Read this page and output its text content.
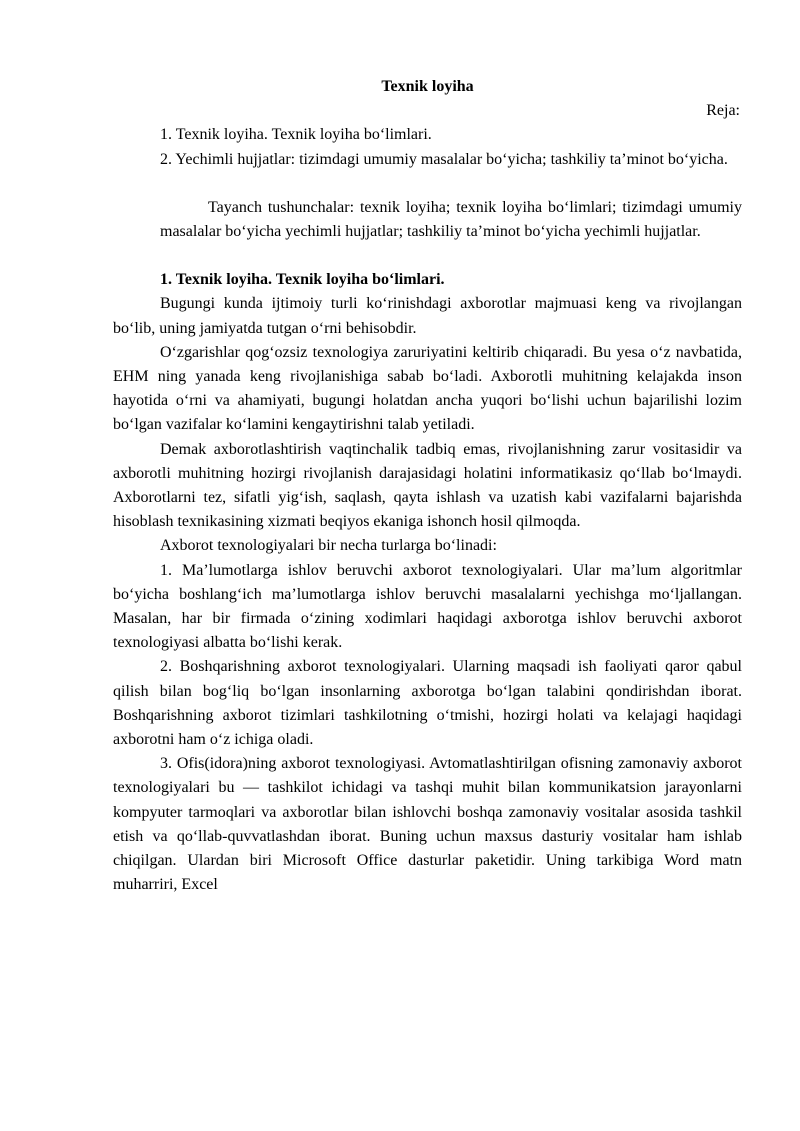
Texnik loyiha

Reja:

1. Texnik loyiha. Texnik loyiha bo‘limlari.

2. Yechimli hujjatlar: tizimdagi umumiy masalalar bo‘yicha; tashkiliy ta’minot bo‘yicha.

Tayanch tushunchalar: texnik loyiha; texnik loyiha bo‘limlari; tizimdagi umumiy masalalar bo‘yicha yechimli hujjatlar; tashkiliy ta’minot bo‘yicha yechimli hujjatlar.

1. Texnik loyiha. Texnik loyiha bo‘limlari.

Bugungi kunda ijtimoiy turli ko‘rinishdagi axborotlar majmuasi keng va rivojlangan bo‘lib, uning jamiyatda tutgan o‘rni behisobdir.

O‘zgarishlar qog‘ozsiz texnologiya zaruriyatini keltirib chiqaradi. Bu yesa o‘z navbatida, EHM ning yanada keng rivojlanishiga sabab bo‘ladi. Axborotli muhitning kelajakda inson hayotida o‘rni va ahamiyati, bugungi holatdan ancha yuqori bo‘lishi uchun bajarilishi lozim bo‘lgan vazifalar ko‘lamini kengaytirishni talab yetiladi.

Demak axborotlashtirish vaqtinchalik tadbiq emas, rivojlanishning zarur vositasidir va axborotli muhitning hozirgi rivojlanish darajasidagi holatini informatikasiz qo‘llab bo‘lmaydi. Axborotlarni tez, sifatli yig‘ish, saqlash, qayta ishlash va uzatish kabi vazifalarni bajarishda hisoblash texnikasining xizmati beqiyos ekaniga ishonch hosil qilmoqda.

Axborot texnologiyalari bir necha turlarga bo‘linadi:

1. Ma’lumotlarga ishlov beruvchi axborot texnologiyalari. Ular ma’lum algoritmlar bo‘yicha boshlang‘ich ma’lumotlarga ishlov beruvchi masalalarni yechishga mo‘ljallangan. Masalan, har bir firmada o‘zining xodimlari haqidagi axborotga ishlov beruvchi axborot texnologiyasi albatta bo‘lishi kerak.

2. Boshqarishning axborot texnologiyalari. Ularning maqsadi ish faoliyati qaror qabul qilish bilan bog‘liq bo‘lgan insonlarning axborotga bo‘lgan talabini qondirishdan iborat. Boshqarishning axborot tizimlari tashkilotning o‘tmishi, hozirgi holati va kelajagi haqidagi axborotni ham o‘z ichiga oladi.

3. Ofis(idora)ning axborot texnologiyasi. Avtomatlashtirilgan ofisning zamonaviy axborot texnologiyalari bu — tashkilot ichidagi va tashqi muhit bilan kommunikatsion jarayonlarni kompyuter tarmoqlari va axborotlar bilan ishlovchi boshqa zamonaviy vositalar asosida tashkil etish va qo‘llab-quvvatlashdan iborat. Buning uchun maxsus dasturiy vositalar ham ishlab chiqilgan. Ulardan biri Microsoft Office dasturlar paketidir. Uning tarkibiga Word matn muharriri, Excel
